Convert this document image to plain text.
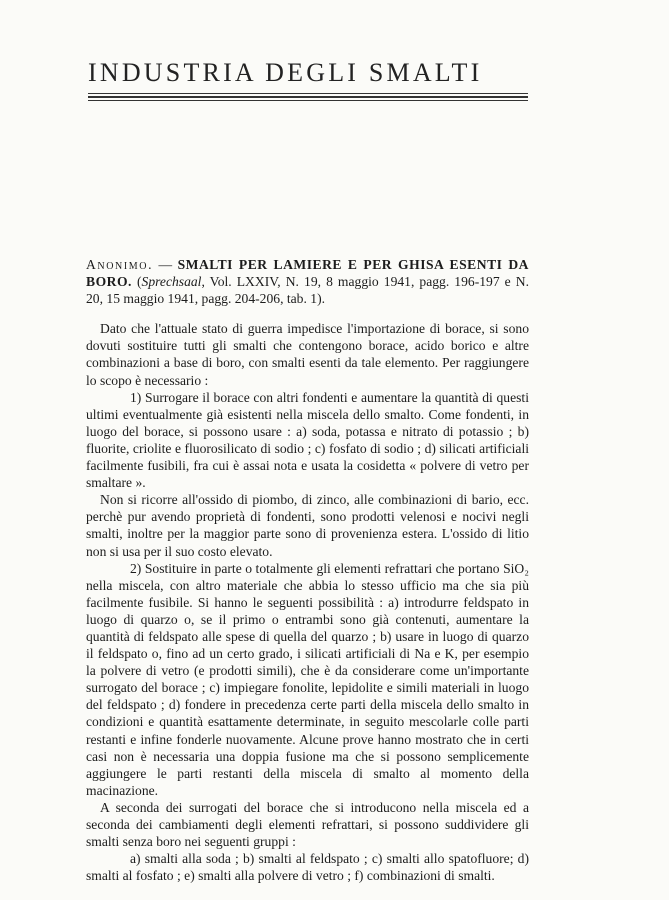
INDUSTRIA DEGLI SMALTI

Anonimo. — SMALTI PER LAMIERE E PER GHISA ESENTI DA BORO. (Sprechsaal, Vol. LXXIV, N. 19, 8 maggio 1941, pagg. 196-197 e N. 20, 15 maggio 1941, pagg. 204-206, tab. 1).

Dato che l'attuale stato di guerra impedisce l'importazione di borace, si sono dovuti sostituire tutti gli smalti che contengono borace, acido borico e altre combinazioni a base di boro, con smalti esenti da tale elemento. Per raggiungere lo scopo è necessario :

1) Surrogare il borace con altri fondenti e aumentare la quantità di questi ultimi eventualmente già esistenti nella miscela dello smalto. Come fondenti, in luogo del borace, si possono usare : a) soda, potassa e nitrato di potassio ; b) fluorite, criolite e fluorosilicato di sodio ; c) fosfato di sodio ; d) silicati artificiali facilmente fusibili, fra cui è assai nota e usata la cosidetta « polvere di vetro per smaltare ».

Non si ricorre all'ossido di piombo, di zinco, alle combinazioni di bario, ecc. perchè pur avendo proprietà di fondenti, sono prodotti velenosi e nocivi negli smalti, inoltre per la maggior parte sono di provenienza estera. L'ossido di litio non si usa per il suo costo elevato.

2) Sostituire in parte o totalmente gli elementi refrattari che portano SiO₂ nella miscela, con altro materiale che abbia lo stesso ufficio ma che sia più facilmente fusibile. Si hanno le seguenti possibilità : a) introdurre feldspato in luogo di quarzo o, se il primo o entrambi sono già contenuti, aumentare la quantità di feldspato alle spese di quella del quarzo ; b) usare in luogo di quarzo il feldspato o, fino ad un certo grado, i silicati artificiali di Na e K, per esempio la polvere di vetro (e prodotti simili), che è da considerare come un'importante surrogato del borace ; c) impiegare fonolite, lepidolite e simili materiali in luogo del feldspato ; d) fondere in precedenza certe parti della miscela dello smalto in condizioni e quantità esattamente determinate, in seguito mescolarle colle parti restanti e infine fonderle nuovamente. Alcune prove hanno mostrato che in certi casi non è necessaria una doppia fusione ma che si possono semplicemente aggiungere le parti restanti della miscela di smalto al momento della macinazione.

A seconda dei surrogati del borace che si introducono nella miscela ed a seconda dei cambiamenti degli elementi refrattari, si possono suddividere gli smalti senza boro nei seguenti gruppi :

a) smalti alla soda ; b) smalti al feldspato ; c) smalti allo spatofluore; d) smalti al fosfato ; e) smalti alla polvere di vetro ; f) combinazioni di smalti.
